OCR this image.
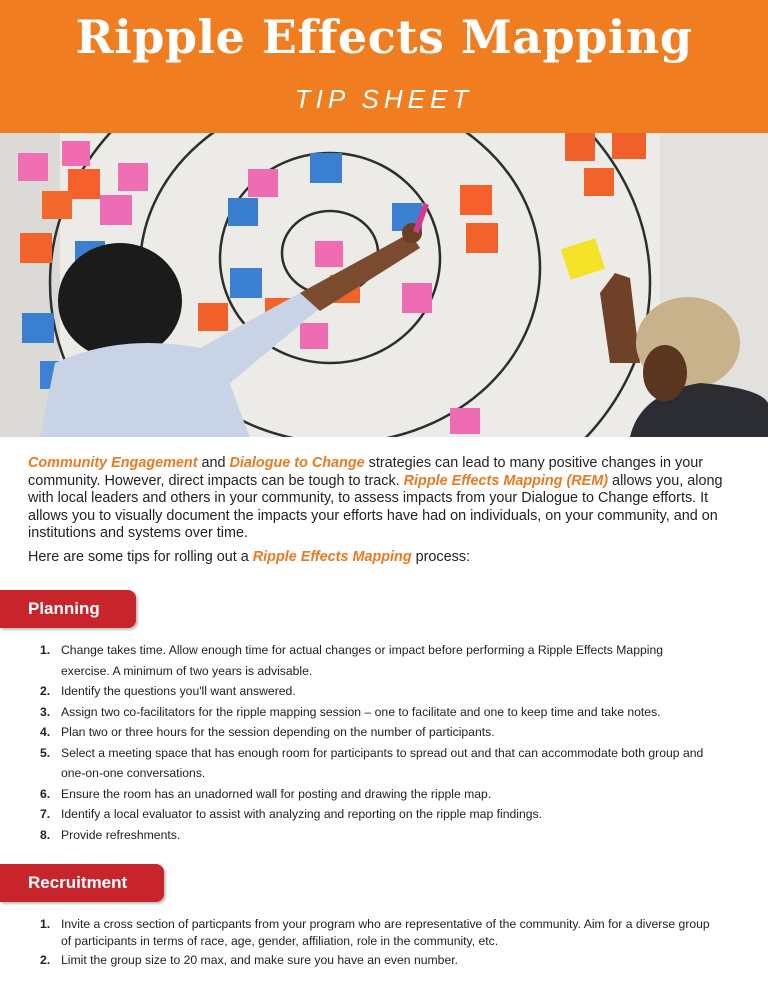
Ripple Effects Mapping
TIP SHEET

Community Engagement and Dialogue to Change strategies can lead to many positive changes in your community. However, direct impacts can be tough to track. Ripple Effects Mapping (REM) allows you, along with local leaders and others in your community, to assess impacts from your Dialogue to Change efforts. It allows you to visually document the impacts your efforts have had on individuals, on your community, and on institutions and systems over time.

Here are some tips for rolling out a Ripple Effects Mapping process:

Planning
1. Change takes time. Allow enough time for actual changes or impact before performing a Ripple Effects Mapping exercise. A minimum of two years is advisable.
2. Identify the questions you'll want answered.
3. Assign two co-facilitators for the ripple mapping session – one to facilitate and one to keep time and take notes.
4. Plan two or three hours for the session depending on the number of participants.
5. Select a meeting space that has enough room for participants to spread out and that can accommodate both group and one-on-one conversations.
6. Ensure the room has an unadorned wall for posting and drawing the ripple map.
7. Identify a local evaluator to assist with analyzing and reporting on the ripple map findings.
8. Provide refreshments.
Recruitment
1. Invite a cross section of particpants from your program who are representative of the community. Aim for a diverse group of participants in terms of race, age, gender, affiliation, role in the community, etc.
2. Limit the group size to 20 max, and make sure you have an even number.
